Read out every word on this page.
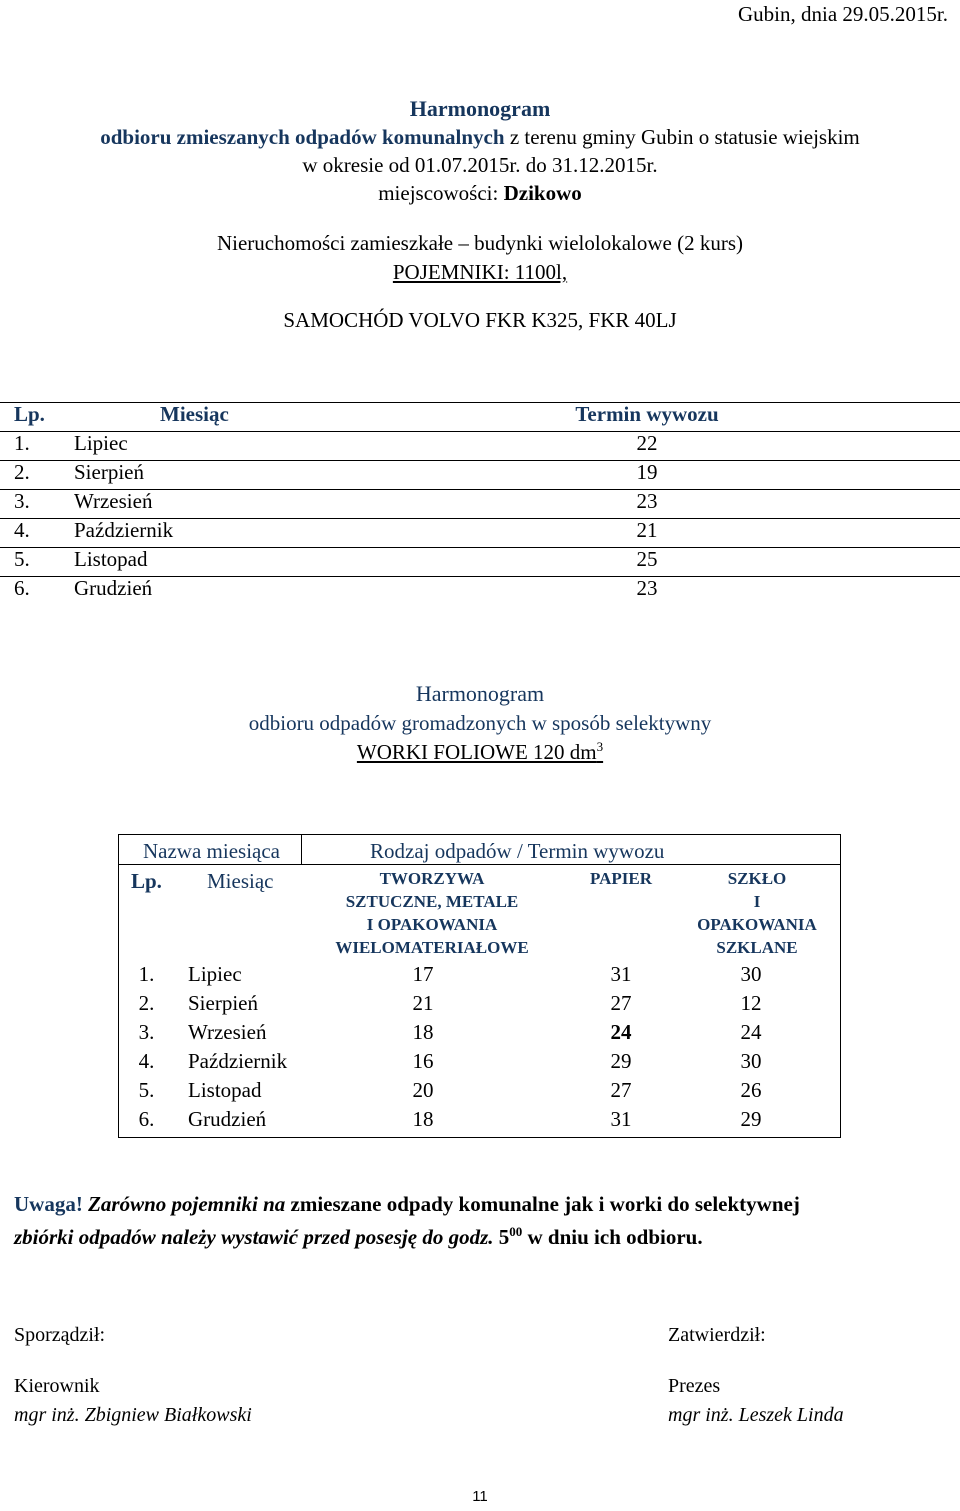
Gubin, dnia 29.05.2015r.
Harmonogram
odbioru zmieszanych odpadów komunalnych z terenu gminy Gubin o statusie wiejskim
w okresie od 01.07.2015r. do 31.12.2015r.
miejscowości: Dzikowo
Nieruchomości zamieszkałe – budynki wielolokalowe (2 kurs)
POJEMNIKI: 1100l,
SAMOCHÓD VOLVO FKR K325, FKR 40LJ
Lp.	Miesiąc	Termin wywozu
1. Lipiec	22
2. Sierpień	19
3. Wrzesień	23
4. Październik	21
5. Listopad	25
6. Grudzień	23
Harmonogram
odbioru odpadów gromadzonych w sposób selektywny
WORKI FOLIOWE 120 $dm^3$
Nazwa miesiąca	Rodzaj odpadów / Termin wywozu
Lp. Miesiąc	TWORZYWA
SZTUCZNE, METALE
I OPAKOWANIA
WIELOMATERIAŁOWE
PAPIER	SZKŁO
I
OPAKOWANIA
SZKLANE
1.	Lipiec	17	31	30
2.	Sierpień	21	27	12
3.	Wrzesień	18	24	24
4.	Październik	16	29	30
5.	Listopad	20	27	26
6.	Grudzień	18	31	29
Uwaga! Zarówno pojemniki na zmieszane odpady komunalne jak i worki do selektywnej
zbiórki odpadów należy wystawić przed posesję do godz. $5^{00}$ w dniu ich odbioru.
Sporządził:
Kierownik
mgr inż. Zbigniew Białkowski
Zatwierdził:
Prezes
mgr inż. Leszek Linda
11
